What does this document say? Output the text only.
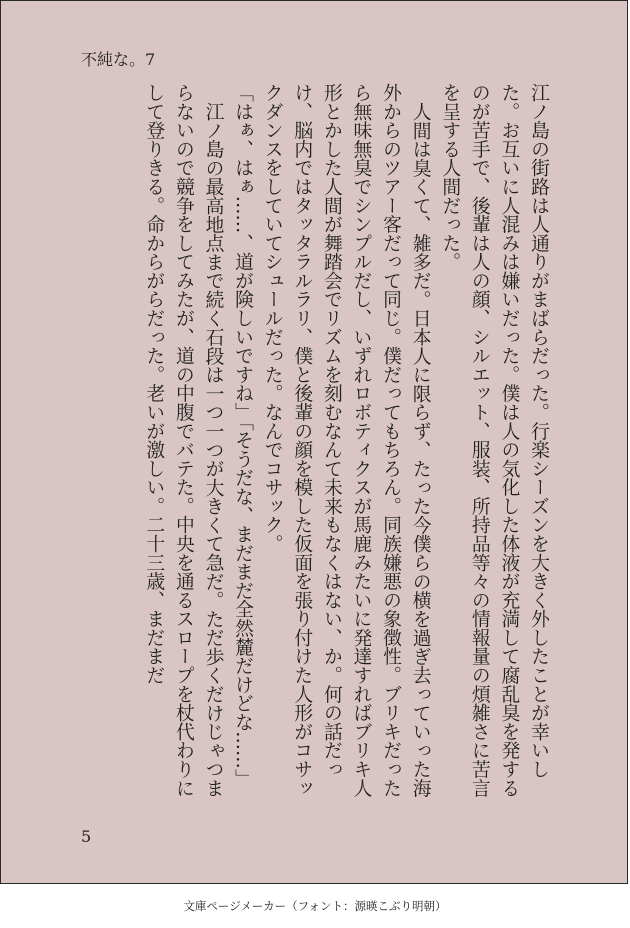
不純な。7

江ノ島の街路は人通りがまばらだった。行楽シーズンを大きく外したことが幸いした。お互いに人混みは嫌いだった。僕は人の気化した体液が充満して腐乱臭を発するのが苦手で、後輩は人の顔、シルエット、服装、所持品等々の情報量の煩雑さに苦言を呈する人間だった。

人間は臭くて、雑多だ。日本人に限らず、たった今僕らの横を過ぎ去っていった海外からのツアー客だって同じ。僕だってもちろん。同族嫌悪の象徴性。ブリキだったら無味無臭でシンプルだし、いずれロボティクスが馬鹿みたいに発達すればブリキ人形とかした人間が舞踏会でリズムを刻むなんて未来もなくはない、か。何の話だっけ、脳内ではタッタラルラリ、僕と後輩の顔を模した仮面を張り付けた人形がコサックダンスをしていてシュールだった。なんでコサック。

「はぁ、はぁ……、道が険しいですね」「そうだな、まだまだ全然麓だけどな……」

江ノ島の最高地点まで続く石段は一つ一つが大きくて急だ。ただ歩くだけじゃつまらないので競争をしてみたが、道の中腹でバテた。中央を通るスロープを杖代わりにして登りきる。命からがらだった。老いが激しい。二十三歳、まだまだ

5
文庫ページメーカー（フォント：源暎こぶり明朝）
